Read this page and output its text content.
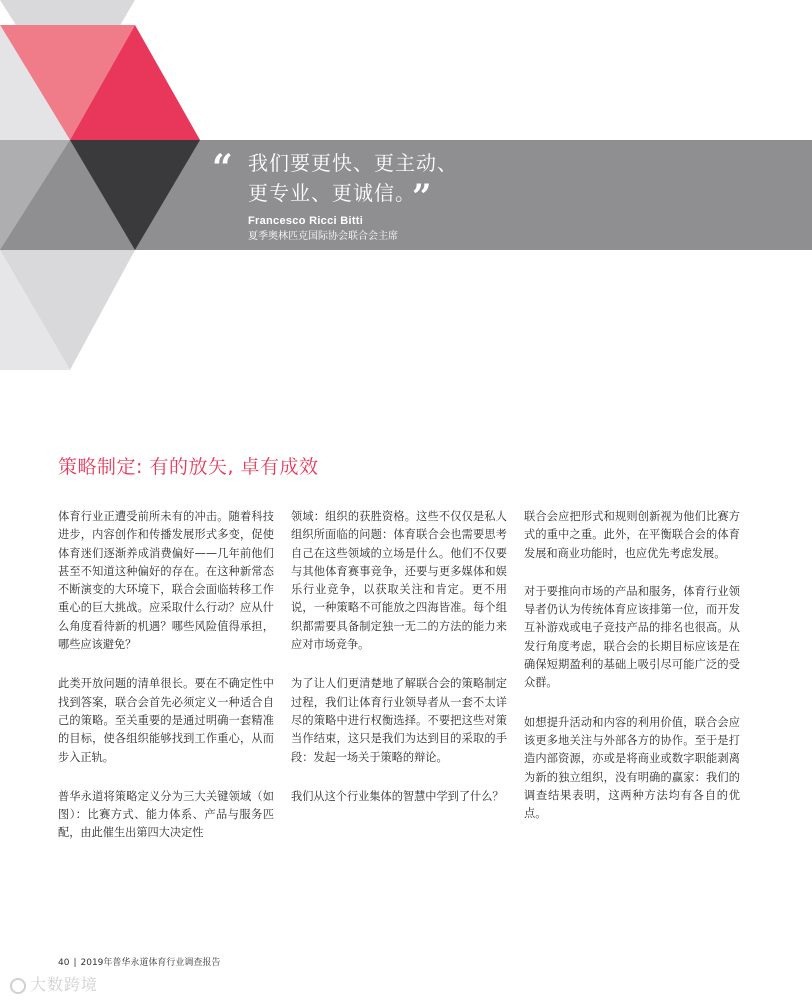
“ 我们要更快、更主动、
更专业、更诚信。 ”
Francesco Ricci Bitti
夏季奥林匹克国际协会联合会主席
策略制定: 有的放矢, 卓有成效

体育行业正遭受前所未有的冲击。随着科技进步，内容创作和传播发展形式多变，促使体育迷们逐渐养成消费偏好——几年前他们甚至不知道这种偏好的存在。在这种新常态不断演变的大环境下，联合会面临转移工作重心的巨大挑战。应采取什么行动？应从什么角度看待新的机遇？哪些风险值得承担，哪些应该避免？

此类开放问题的清单很长。要在不确定性中找到答案，联合会首先必须定义一种适合自己的策略。至关重要的是通过明确一套精准的目标，使各组织能够找到工作重心，从而步入正轨。

普华永道将策略定义分为三大关键领域（如图）：比赛方式、能力体系、产品与服务匹配，由此催生出第四大决定性

领域：组织的获胜资格。这些不仅仅是私人组织所面临的问题：体育联合会也需要思考自己在这些领域的立场是什么。他们不仅要与其他体育赛事竞争，还要与更多媒体和娱乐行业竞争，以获取关注和肯定。更不用说，一种策略不可能放之四海皆准。每个组织都需要具备制定独一无二的方法的能力来应对市场竞争。

为了让人们更清楚地了解联合会的策略制定过程，我们让体育行业领导者从一套不太详尽的策略中进行权衡选择。不要把这些对策当作结束，这只是我们为达到目的采取的手段：发起一场关于策略的辩论。

我们从这个行业集体的智慧中学到了什么？

联合会应把形式和规则创新视为他们比赛方式的重中之重。此外，在平衡联合会的体育发展和商业功能时，也应优先考虑发展。

对于要推向市场的产品和服务，体育行业领导者仍认为传统体育应该排第一位，而开发互补游戏或电子竞技产品的排名也很高。从发行角度考虑，联合会的长期目标应该是在确保短期盈利的基础上吸引尽可能广泛的受众群。

如想提升活动和内容的利用价值，联合会应该更多地关注与外部各方的协作。至于是打造内部资源，亦或是将商业或数字职能剥离为新的独立组织，没有明确的赢家：我们的调查结果表明，这两种方法均有各自的优点。

40 | 2019年普华永道体育行业调查报告
大数跨境
